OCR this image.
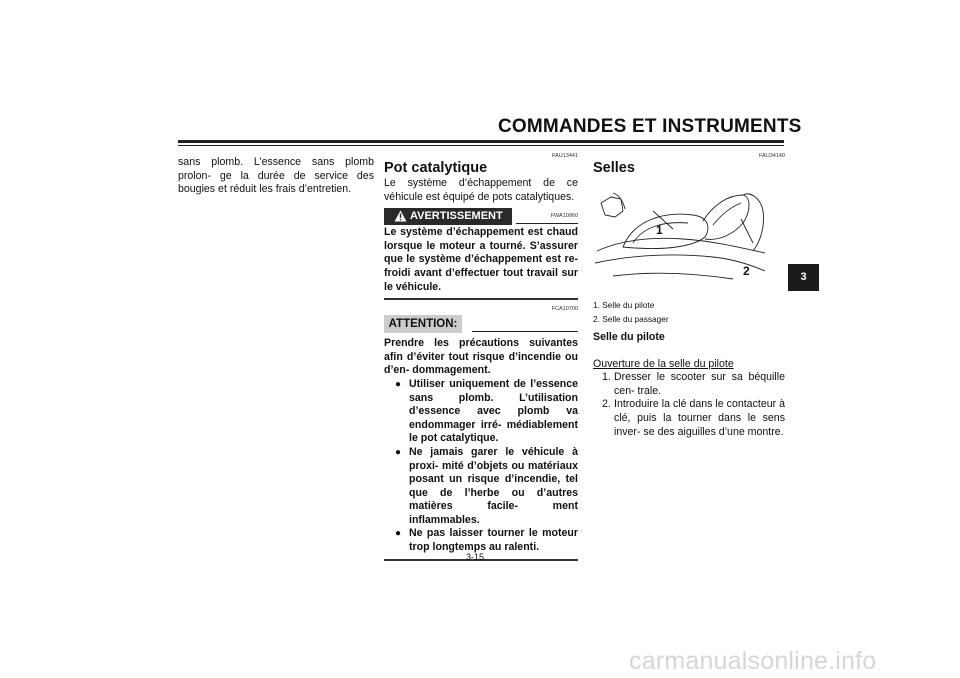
COMMANDES ET INSTRUMENTS
3

sans plomb. L’essence sans plomb prolon- ge la durée de service des bougies et réduit les frais d’entretien.

FAU13441
Pot catalytique

Le système d’échappement de ce véhicule est équipé de pots catalytiques.

AVERTISSEMENT	FWA10860

Le système d’échappement est chaud lorsque le moteur a tourné. S’assurer que le système d’échappement est re- froidi avant d’effectuer tout travail sur le véhicule.

FCA10700
ATTENTION:

Prendre les précautions suivantes afin d’éviter tout risque d’incendie ou d’en- dommagement.

● Utiliser uniquement de l’essence sans plomb. L’utilisation d’essence avec plomb va endommager irré- médiablement le pot catalytique.
● Ne jamais garer le véhicule à proxi- mité d’objets ou matériaux posant un risque d’incendie, tel que de l’herbe ou d’autres matières facile- ment inflammables.
● Ne pas laisser tourner le moteur trop longtemps au ralenti.
FAU34140
Selles
1
2
1. Selle du pilote
2. Selle du passager
Selle du pilote
Ouverture de la selle du pilote
1. Dresser le scooter sur sa béquille cen- trale.
2. Introduire la clé dans le contacteur à clé, puis la tourner dans le sens inver- se des aiguilles d’une montre.
3-15
carmanualsonline.info
